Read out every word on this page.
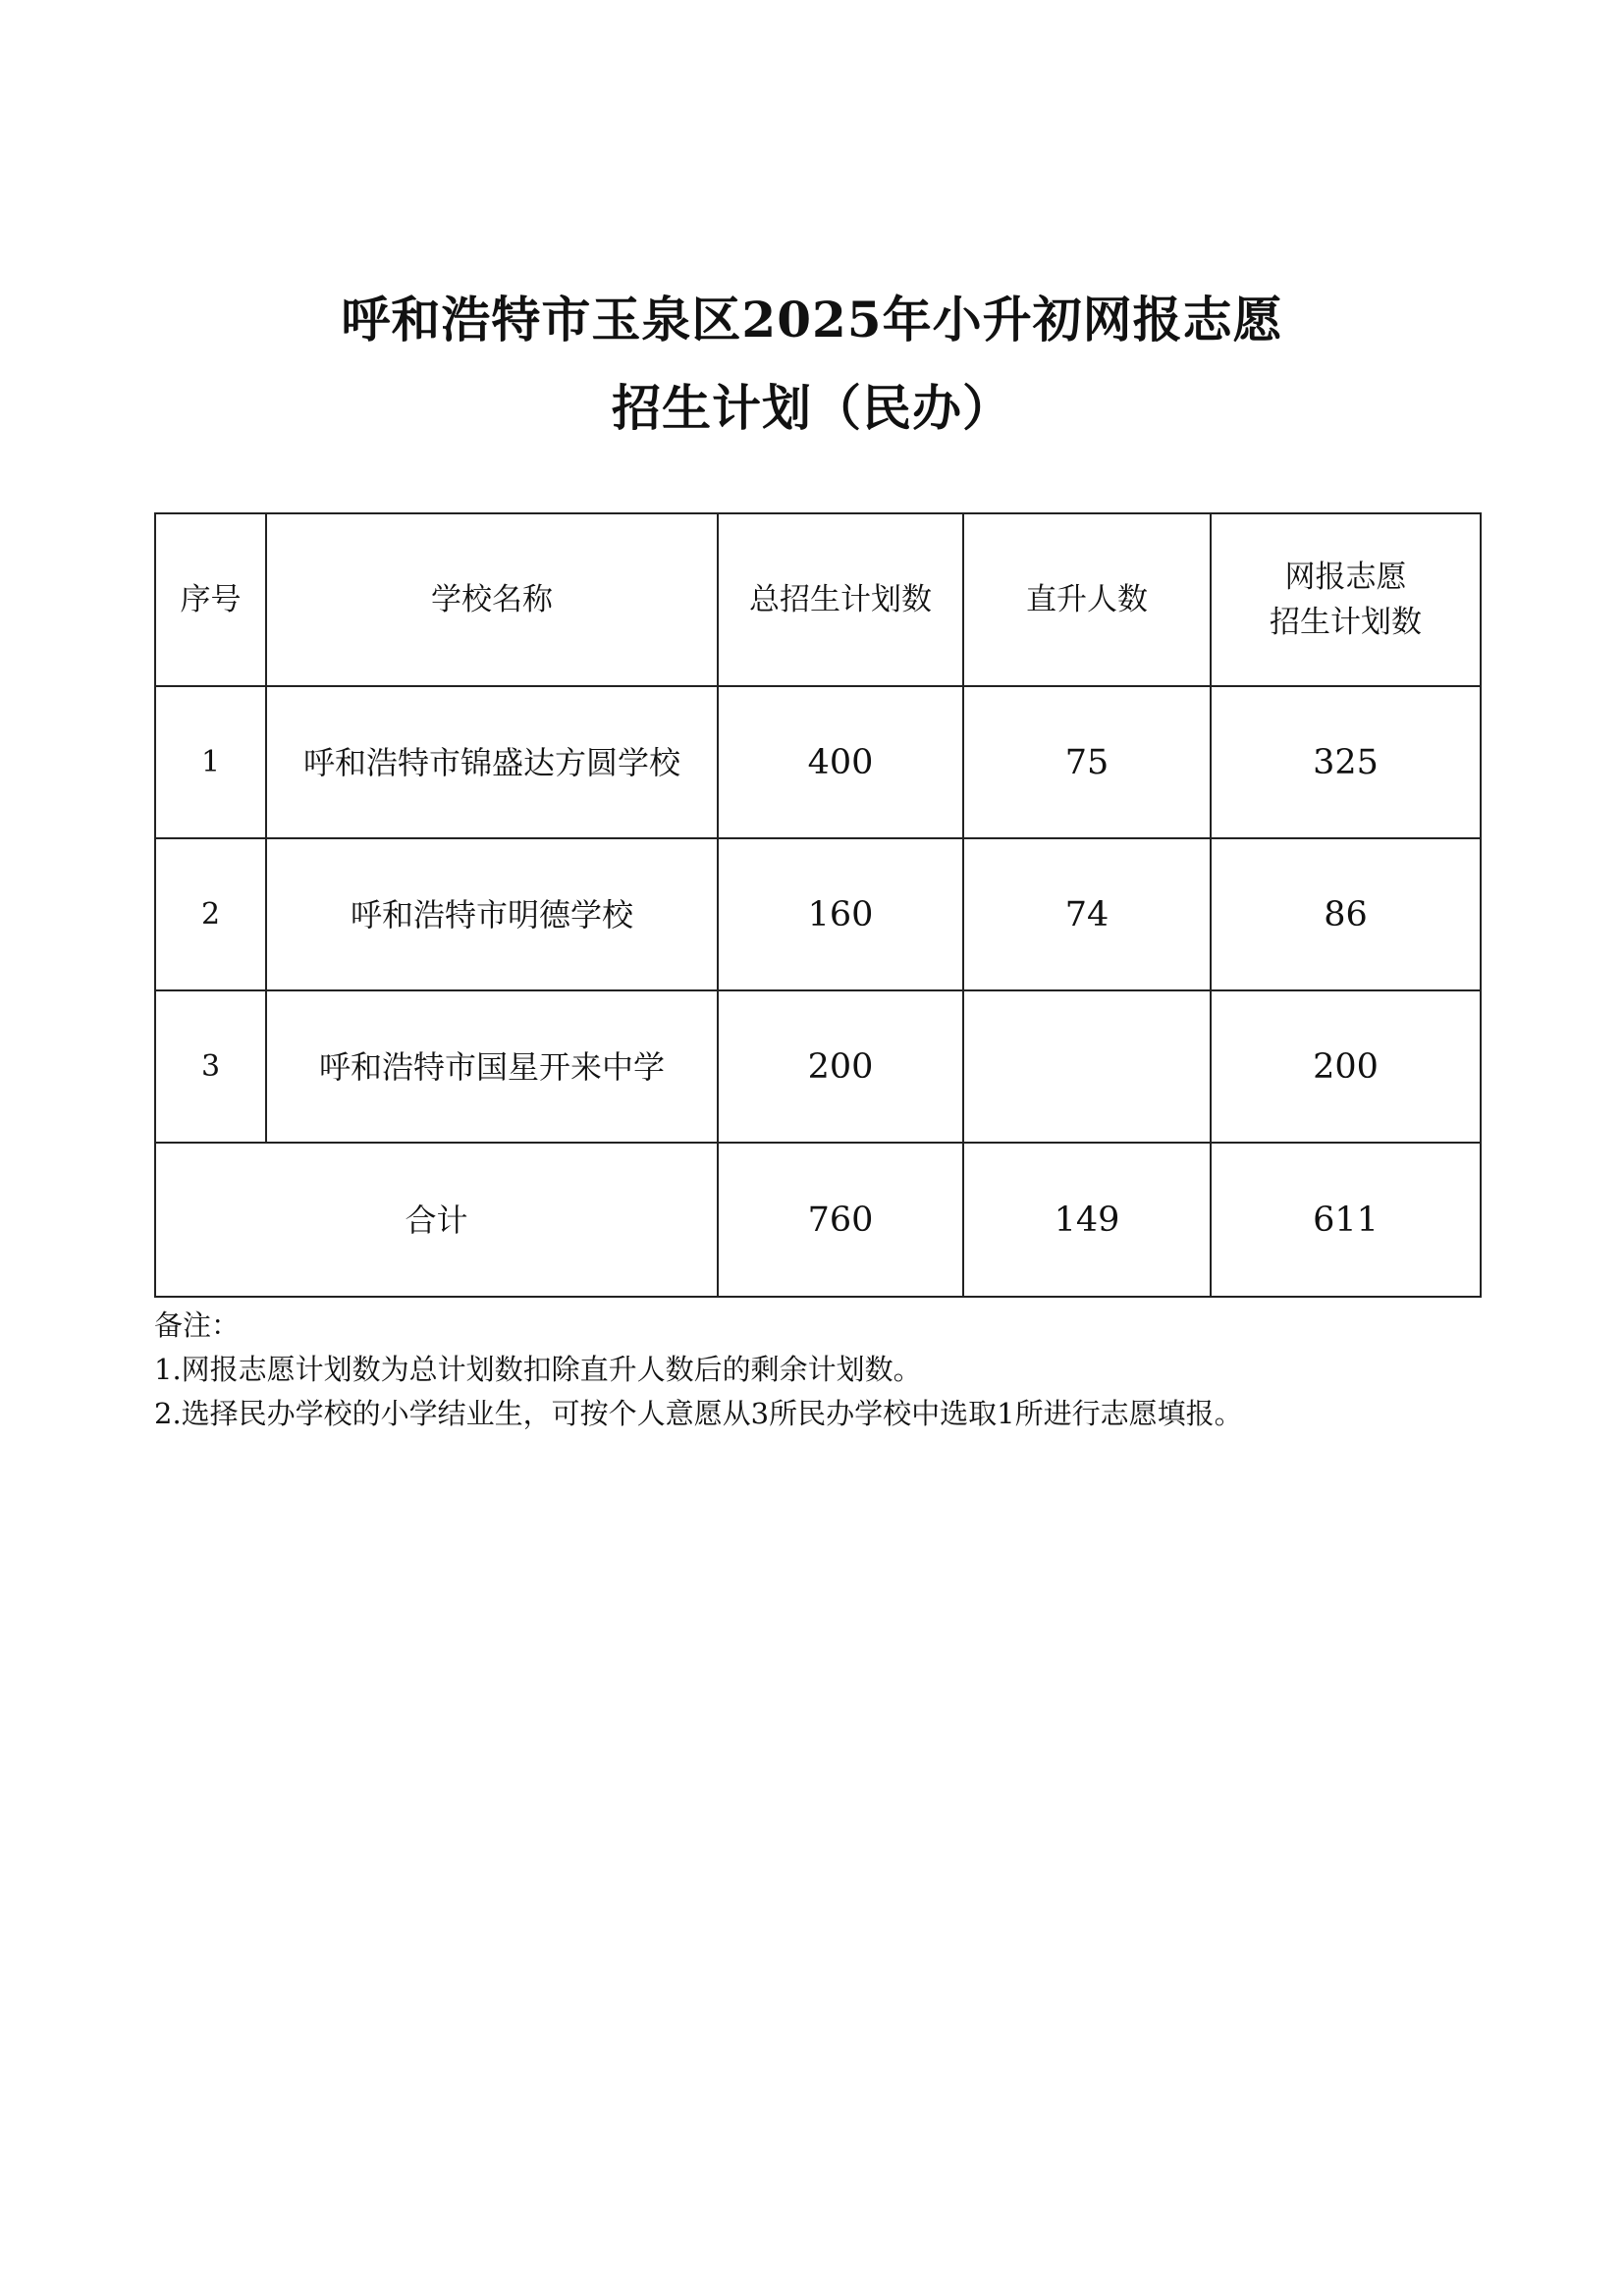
呼和浩特市玉泉区2025年小升初网报志愿
招生计划（民办）
序号	学校名称	总招生计划数	直升人数	网报志愿
招生计划数

1	呼和浩特市锦盛达方圆学校	400	75	325
2	呼和浩特市明德学校	160	74	86
3	呼和浩特市国星开来中学	200		200
合计		760	149	611
备注：
1.网报志愿计划数为总计划数扣除直升人数后的剩余计划数。
2.选择民办学校的小学结业生，可按个人意愿从3所民办学校中选取1所进行志愿填报。
